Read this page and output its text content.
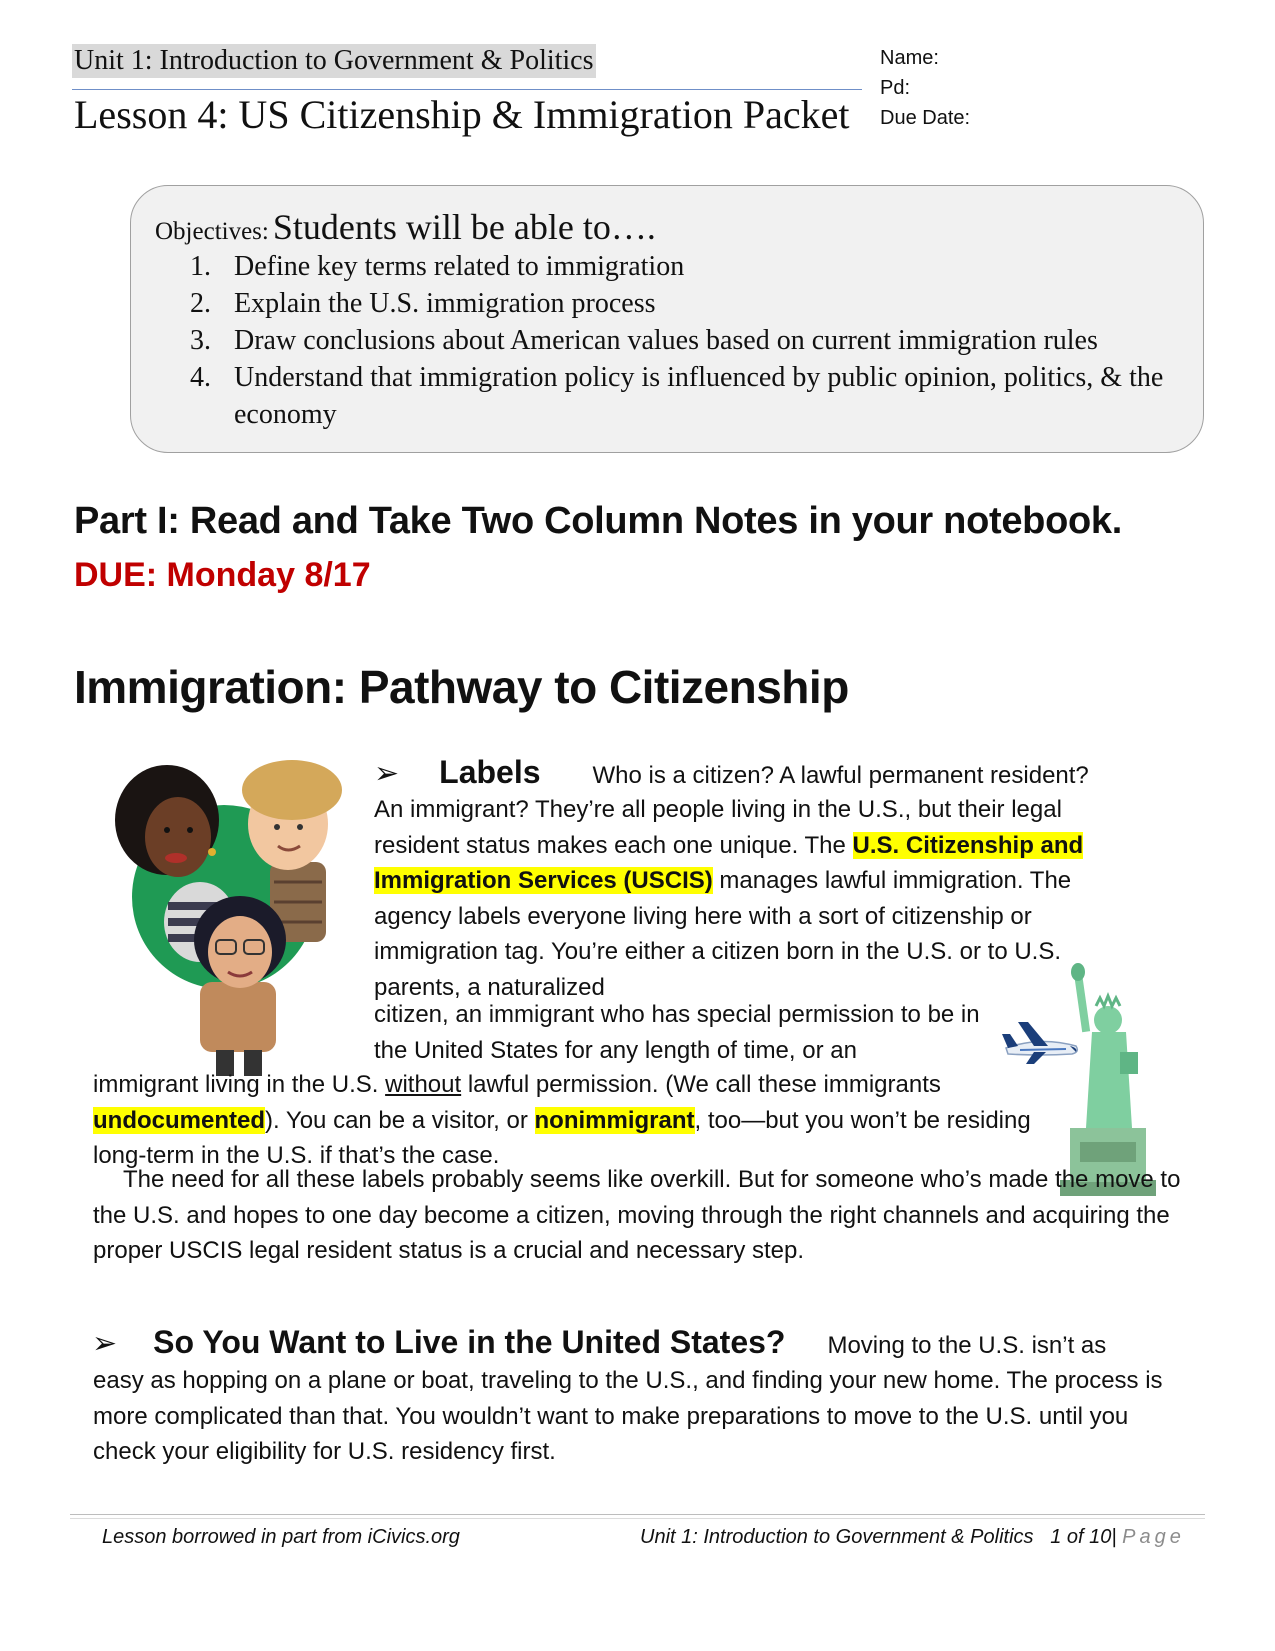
Unit 1: Introduction to Government & Politics
Lesson 4: US Citizenship & Immigration Packet
Name:
Pd:
Due Date:
Objectives: Students will be able to….
1. Define key terms related to immigration
2. Explain the U.S. immigration process
3. Draw conclusions about American values based on current immigration rules
4. Understand that immigration policy is influenced by public opinion, politics, & the economy
Part I: Read and Take Two Column Notes in your notebook.
DUE: Monday 8/17
Immigration: Pathway to Citizenship
➢ Labels Who is a citizen? A lawful permanent resident?
An immigrant? They’re all people living in the U.S., but their legal resident status makes each one unique. The U.S. Citizenship and Immigration Services (USCIS) manages lawful immigration. The agency labels everyone living here with a sort of citizenship or immigration tag. You’re either a citizen born in the U.S. or to U.S. parents, a naturalized
citizen, an immigrant who has special permission to be in the United States for any length of time, or an
immigrant living in the U.S. without lawful permission. (We call these immigrants undocumented). You can be a visitor, or nonimmigrant, too—but you won’t be residing long-term in the U.S. if that’s the case.
The need for all these labels probably seems like overkill. But for someone who’s made the move to the U.S. and hopes to one day become a citizen, moving through the right channels and acquiring the proper USCIS legal resident status is a crucial and necessary step.
➢ So You Want to Live in the United States? Moving to the U.S. isn’t as
easy as hopping on a plane or boat, traveling to the U.S., and finding your new home. The process is more complicated than that. You wouldn’t want to make preparations to move to the U.S. until you check your eligibility for U.S. residency first.
Lesson borrowed in part from iCivics.org	Unit 1: Introduction to Government & Politics 1 of 10| Page
